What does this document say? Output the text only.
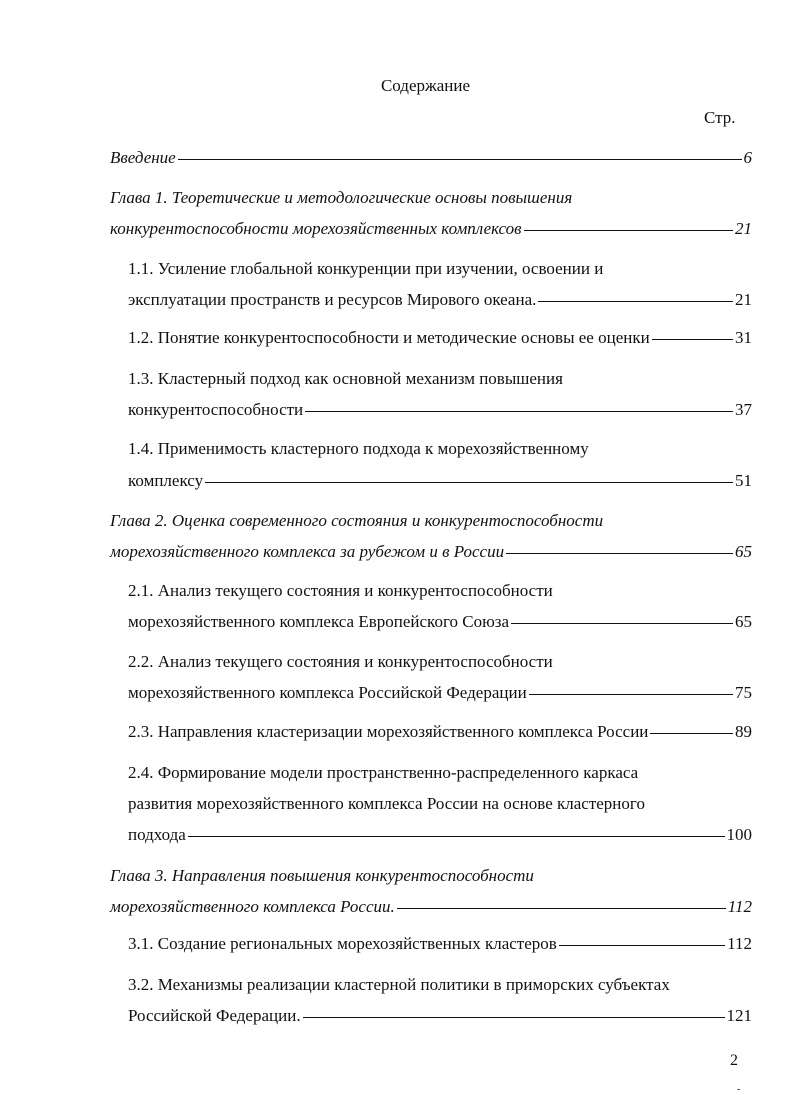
Содержание
Стр.
Введение	6
Глава 1. Теоретические и методологические основы повышения
конкурентоспособности морехозяйственных комплексов	21
1.1. Усиление глобальной конкуренции при изучении, освоении и
эксплуатации пространств и ресурсов Мирового океана.	21
1.2. Понятие конкурентоспособности и методические основы ее оценки	31
1.3. Кластерный подход как основной механизм повышения
конкурентоспособности	37
1.4. Применимость кластерного подхода к морехозяйственному
комплексу	51
Глава 2. Оценка современного состояния и конкурентоспособности
морехозяйственного комплекса за рубежом и в России	65
2.1. Анализ текущего состояния и конкурентоспособности
морехозяйственного комплекса Европейского Союза	65
2.2. Анализ текущего состояния и конкурентоспособности
морехозяйственного комплекса Российской Федерации	75
2.3. Направления кластеризации морехозяйственного комплекса России	89
2.4. Формирование модели пространственно-распределенного каркаса
развития морехозяйственного комплекса России на основе кластерного
подхода	100
Глава 3. Направления повышения конкурентоспособности
морехозяйственного комплекса России.	112
3.1. Создание региональных морехозяйственных кластеров	112
3.2. Механизмы реализации кластерной политики в приморских субъектах
Российской Федерации.	121
2
-
